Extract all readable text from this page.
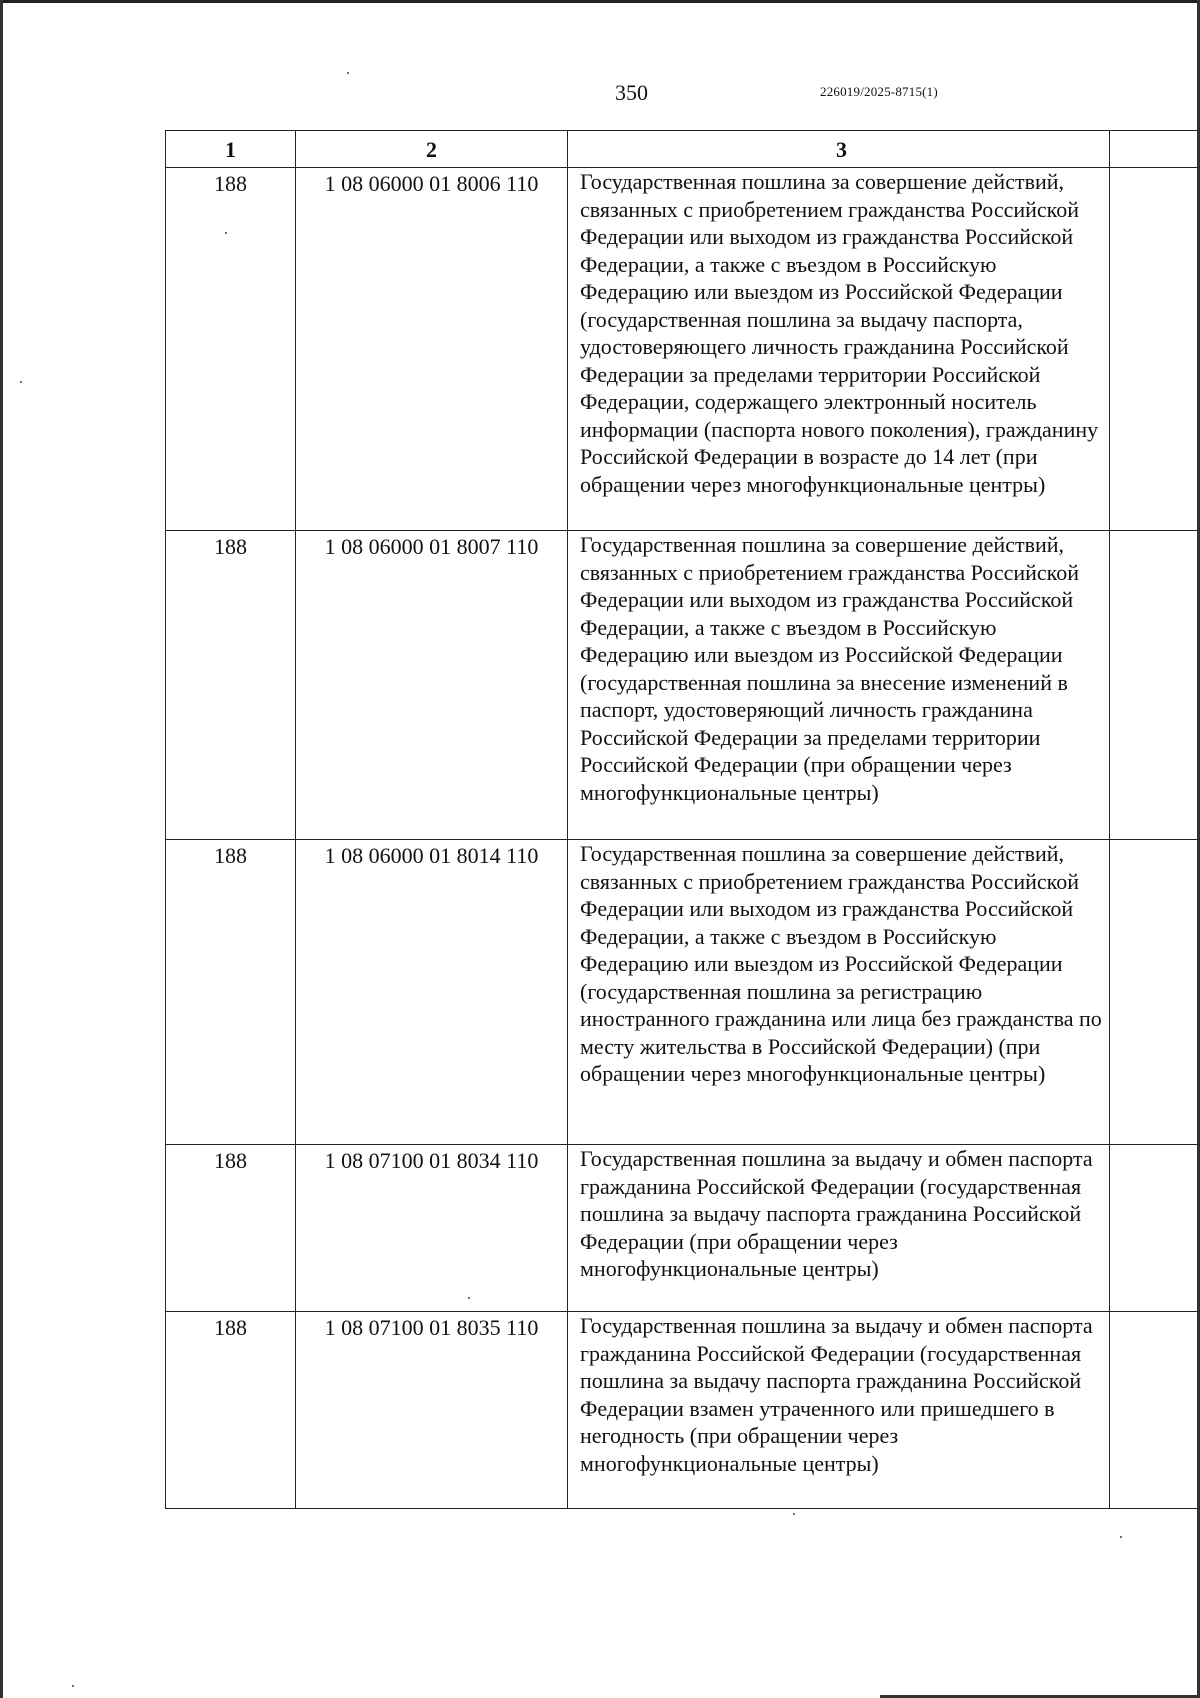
350	226019/2025-8715(1)
1	2	3
188	1 08 06000 01 8006 110	Государственная пошлина за совершение действий, связанных с приобретением гражданства Российской Федерации или выходом из гражданства Российской Федерации, а также с въездом в Российскую Федерацию или выездом из Российской Федерации (государственная пошлина за выдачу паспорта, удостоверяющего личность гражданина Российской Федерации за пределами территории Российской Федерации, содержащего электронный носитель информации (паспорта нового поколения), гражданину Российской Федерации в возрасте до 14 лет (при обращении через многофункциональные центры)
188	1 08 06000 01 8007 110	Государственная пошлина за совершение действий, связанных с приобретением гражданства Российской Федерации или выходом из гражданства Российской Федерации, а также с въездом в Российскую Федерацию или выездом из Российской Федерации (государственная пошлина за внесение изменений в паспорт, удостоверяющий личность гражданина Российской Федерации за пределами территории Российской Федерации (при обращении через многофункциональные центры)
188	1 08 06000 01 8014 110	Государственная пошлина за совершение действий, связанных с приобретением гражданства Российской Федерации или выходом из гражданства Российской Федерации, а также с въездом в Российскую Федерацию или выездом из Российской Федерации (государственная пошлина за регистрацию иностранного гражданина или лица без гражданства по месту жительства в Российской Федерации) (при обращении через многофункциональные центры)
188	1 08 07100 01 8034 110	Государственная пошлина за выдачу и обмен паспорта гражданина Российской Федерации (государственная пошлина за выдачу паспорта гражданина Российской Федерации (при обращении через многофункциональные центры)
188	1 08 07100 01 8035 110	Государственная пошлина за выдачу и обмен паспорта гражданина Российской Федерации (государственная пошлина за выдачу паспорта гражданина Российской Федерации взамен утраченного или пришедшего в негодность (при обращении через многофункциональные центры)
